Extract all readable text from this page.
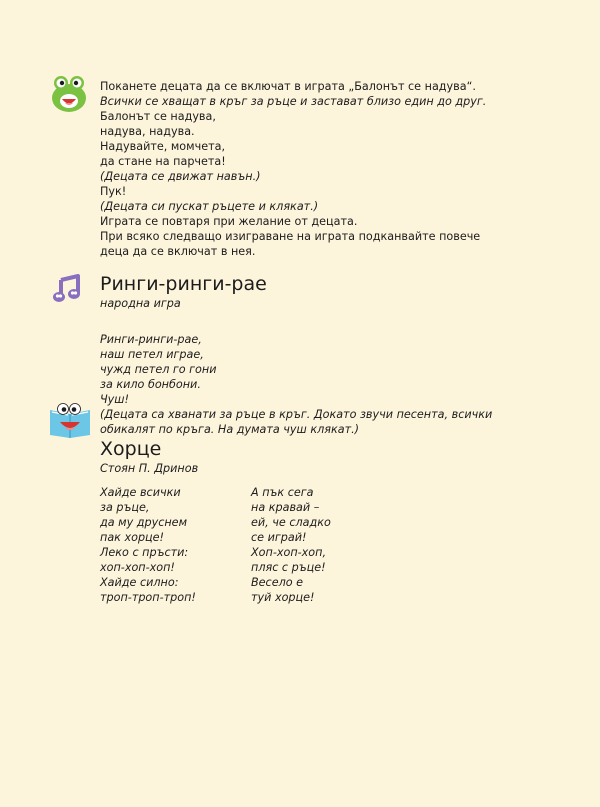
Поканете децата да се включат в играта „Балонът се надува“.
Всички се хващат в кръг за ръце и застават близо един до друг.
Балонът се надува,
надува, надува.
Надувайте, момчета,
да стане на парчета!
(Децата се движат навън.)
Пук!
(Децата си пускат ръцете и клякат.)
Играта се повтаря при желание от децата.
При всяко следващо изиграване на играта подканвайте повече
деца да се включат в нея.
Ринги-ринги-рае
народна игра
Ринги-ринги-рае,
наш петел играе,
чужд петел го гони
за кило бонбони.
Чуш!
(Децата са хванати за ръце в кръг. Докато звучи песента, всички
обикалят по кръга. На думата чуш клякат.)
Хорце
Стоян П. Дринов
Хайде всички
за ръце,
да му друснем
пак хорце!
Леко с пръсти:
хоп-хоп-хоп!
Хайде силно:
троп-троп-троп!
А пък сега
на кравай –
ей, че сладко
се играй!
Хоп-хоп-хоп,
пляс с ръце!
Весело е
туй хорце!
